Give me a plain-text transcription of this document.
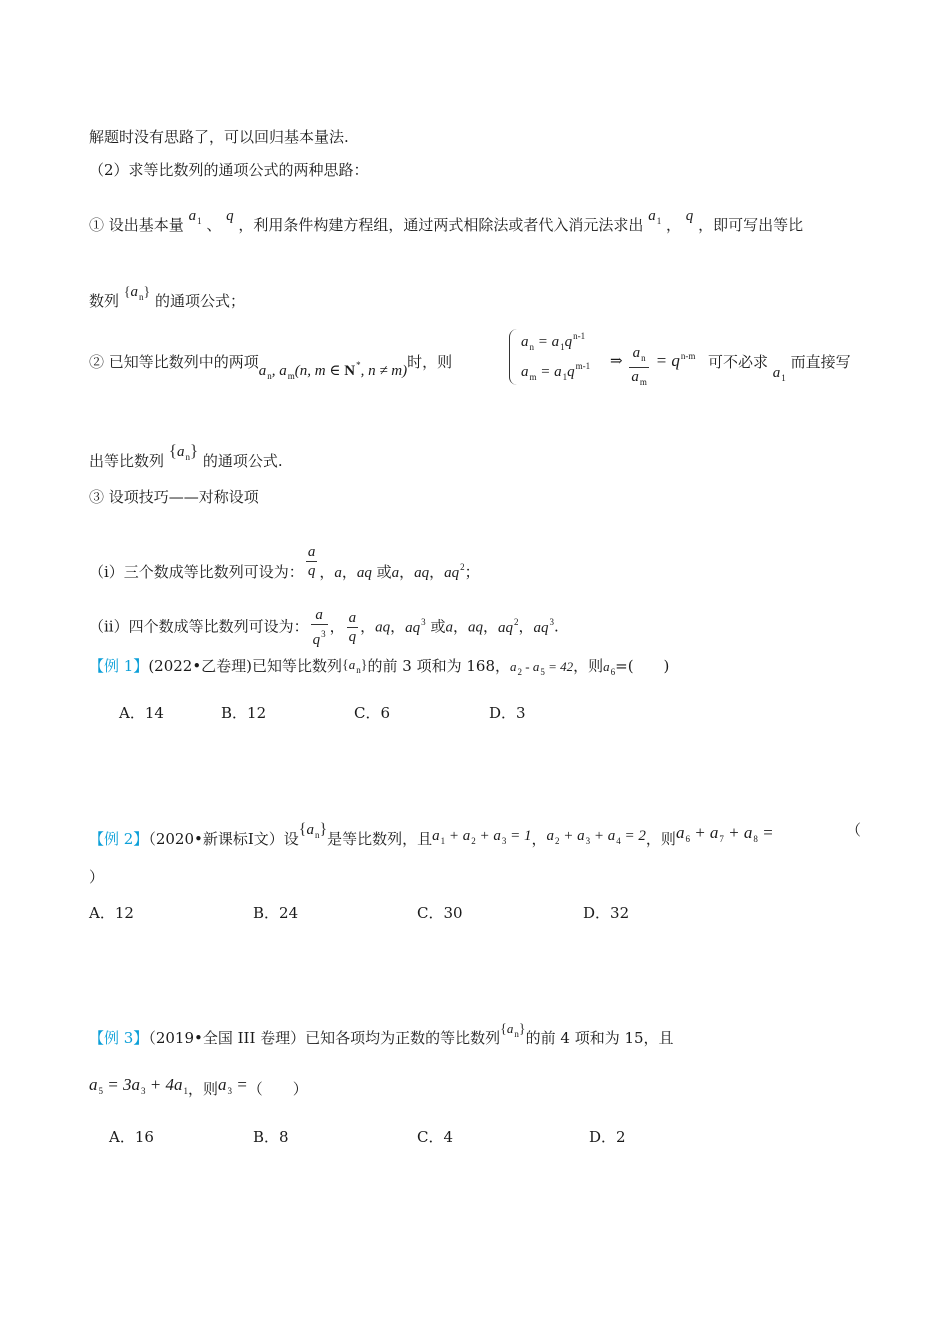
解题时没有思路了，可以回归基本量法.
（2）求等比数列的通项公式的两种思路：
① 设出基本量 $a_1$ 、 q ，利用条件构建方程组，通过两式相除法或者代入消元法求出 $a_1$ ， q ，即可写出等比
数列 $\{a_n\}$ 的通项公式；
② 已知等比数列中的两项$a_n$, $a_m(n$, m ∈ N*, n ≠ m)时，则
$a_n = a_1q^{n-1}$
$a_m = a_1q^{m-1}$ ⇒ $\frac{a_n}{a_m} = q^{n-m}$ 可不必求 $a_1$ 而直接写
出等比数列 $\{a_n\}$ 的通项公式.
③ 设项技巧——对称设项
（i）三个数成等比数列可设为： $\frac{a}{q}$ ，a，aq 或a，aq，$aq^2$；
（ii）四个数成等比数列可设为： $\frac{a}{q^3}$ ， $\frac{a}{q}$ ，aq，$aq^3$ 或a，aq，$aq^2$，$aq^3$.
【例 1】(2022•乙卷理)已知等比数列$\{a_n\}$的前 3 项和为 168，$a_2 - a_5 = 42$，则$a_6=$(　　)
A．14	B．12	C．6	D．3
【例 2】（2020•新课标Ⅰ文）设$\{a_n\}$是等比数列，且$a_1 + a_2 + a_3 = 1$，$a_2 + a_3 + a_4 = 2$，则$a_6 + a_7 + a_8$ =	（
）
A．12	B．24	C．30	D．32
【例 3】（2019•全国 III 卷理）已知各项均为正数的等比数列$\{a_n\}$的前 4 项和为 15，且
$a_5 = 3a_3 + 4a_1$，则$a_3$ =（　　）
A．16	B．8	C．4	D．2
